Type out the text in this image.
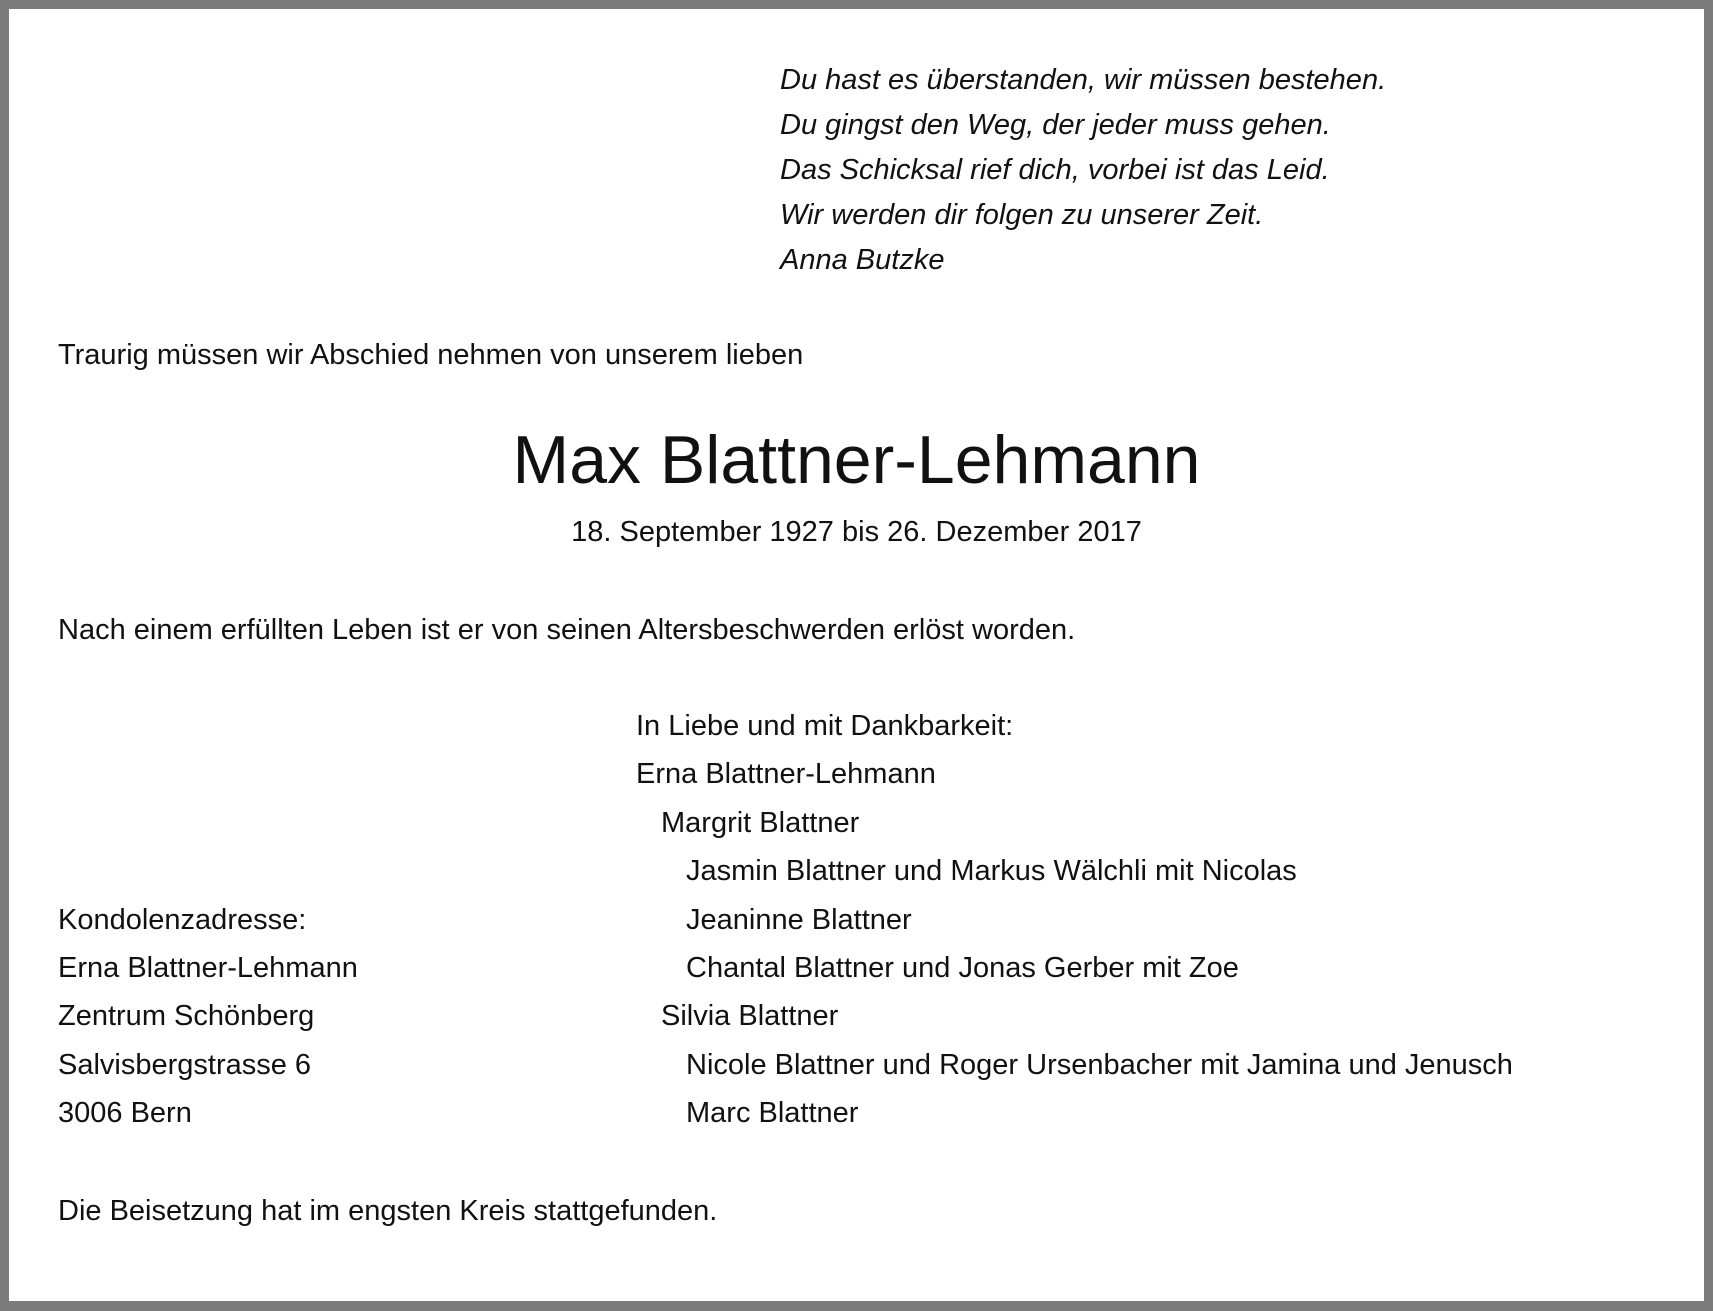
Du hast es überstanden, wir müssen bestehen.
Du gingst den Weg, der jeder muss gehen.
Das Schicksal rief dich, vorbei ist das Leid.
Wir werden dir folgen zu unserer Zeit.
Anna Butzke
Traurig müssen wir Abschied nehmen von unserem lieben
Max Blattner-Lehmann
18. September 1927 bis 26. Dezember 2017
Nach einem erfüllten Leben ist er von seinen Altersbeschwerden erlöst worden.
In Liebe und mit Dankbarkeit:
Erna Blattner-Lehmann
Margrit Blattner
Jasmin Blattner und Markus Wälchli mit Nicolas
Jeaninne Blattner
Chantal Blattner und Jonas Gerber mit Zoe
Silvia Blattner
Nicole Blattner und Roger Ursenbacher mit Jamina und Jenusch
Marc Blattner
Kondolenzadresse:
Erna Blattner-Lehmann
Zentrum Schönberg
Salvisbergstrasse 6
3006 Bern
Die Beisetzung hat im engsten Kreis stattgefunden.
